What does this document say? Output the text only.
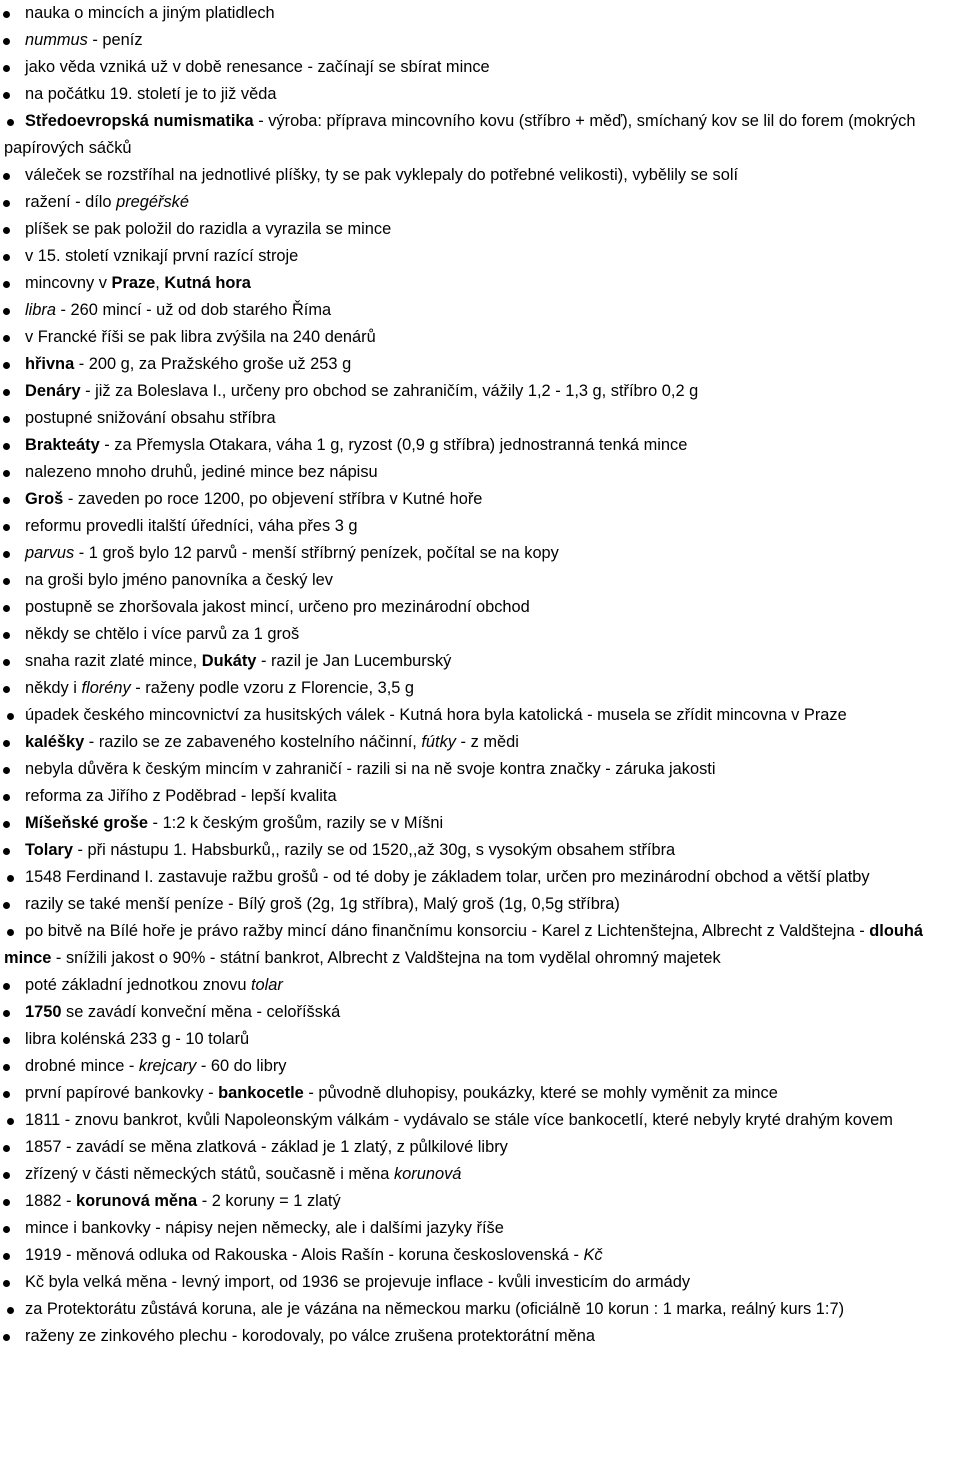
nauka o mincích a jiným platidlech
nummus - peníz
jako věda vzniká už v době renesance - začínají se sbírat mince
na počátku 19. století je to již věda
Středoevropská numismatika - výroba: příprava mincovního kovu (stříbro + měď), smíchaný kov se lil do forem (mokrých papírových sáčků
váleček se rozstříhal na jednotlivé plíšky, ty se pak vyklepaly do potřebné velikosti), vybělily se solí
ražení - dílo pregéřské
plíšek se pak položil do razidla a vyrazila se mince
v 15. století vznikají první razící stroje
mincovny v Praze, Kutná hora
libra - 260 mincí - už od dob starého Říma
v Francké říši se pak libra zvýšila na 240 denárů
hřivna - 200 g, za Pražského groše už 253 g
Denáry - již za Boleslava I., určeny pro obchod se zahraničím, vážily 1,2 - 1,3 g, stříbro 0,2 g
postupné snižování obsahu stříbra
Brakteáty - za Přemysla Otakara, váha 1 g, ryzost (0,9 g stříbra) jednostranná tenká mince
nalezeno mnoho druhů, jediné mince bez nápisu
Groš - zaveden po roce 1200, po objevení stříbra v Kutné hoře
reformu provedli italští úředníci, váha přes 3 g
parvus - 1 groš bylo 12 parvů - menší stříbrný penízek, počítal se na kopy
na groši bylo jméno panovníka a český lev
postupně se zhoršovala jakost mincí, určeno pro mezinárodní obchod
někdy se chtělo i více parvů za 1 groš
snaha razit zlaté mince, Dukáty - razil je Jan Lucemburský
někdy i florény - raženy podle vzoru z Florencie, 3,5 g
úpadek českého mincovnictví za husitských válek - Kutná hora byla katolická - musela se zřídit mincovna v Praze
kaléšky - razilo se ze zabaveného kostelního náčinní, fútky - z mědi
nebyla důvěra k českým mincím v zahraničí - razili si na ně svoje kontra značky - záruka jakosti
reforma za Jiřího z Poděbrad - lepší kvalita
Míšeňské groše - 1:2 k českým grošům, razily se v Míšni
Tolary - při nástupu 1. Habsburků,, razily se od 1520,,až 30g, s vysokým obsahem stříbra
1548 Ferdinand I. zastavuje ražbu grošů - od té doby je základem tolar, určen pro mezinárodní obchod a větší platby
razily se také menší peníze - Bílý groš (2g, 1g stříbra), Malý groš (1g, 0,5g stříbra)
po bitvě na Bílé hoře je právo ražby mincí dáno finančnímu konsorciu - Karel z Lichtenštejna, Albrecht z Valdštejna - dlouhá mince - snížili jakost o 90% - státní bankrot, Albrecht z Valdštejna na tom vydělal ohromný majetek
poté základní jednotkou znovu tolar
1750 se zavádí konveční měna - celoříšská
libra kolénská 233 g - 10 tolarů
drobné mince - krejcary - 60 do libry
první papírové bankovky - bankocetle - původně dluhopisy, poukázky, které se mohly vyměnit za mince
1811 - znovu bankrot, kvůli Napoleonským válkám - vydávalo se stále více bankocetlí, které nebyly kryté drahým kovem
1857 - zavádí se měna zlatková - základ je 1 zlatý, z půlkilové libry
zřízený v části německých států, současně i měna korunová
1882 - korunová měna - 2 koruny = 1 zlatý
mince i bankovky - nápisy nejen německy, ale i dalšími jazyky říše
1919 - měnová odluka od Rakouska - Alois Rašín - koruna československá - Kč
Kč byla velká měna - levný import, od 1936 se projevuje inflace - kvůli investicím do armády
za Protektorátu zůstává koruna, ale je vázána na německou marku (oficiálně 10 korun : 1 marka, reálný kurs 1:7)
raženy ze zinkového plechu - korodovaly, po válce zrušena protektorátní měna
